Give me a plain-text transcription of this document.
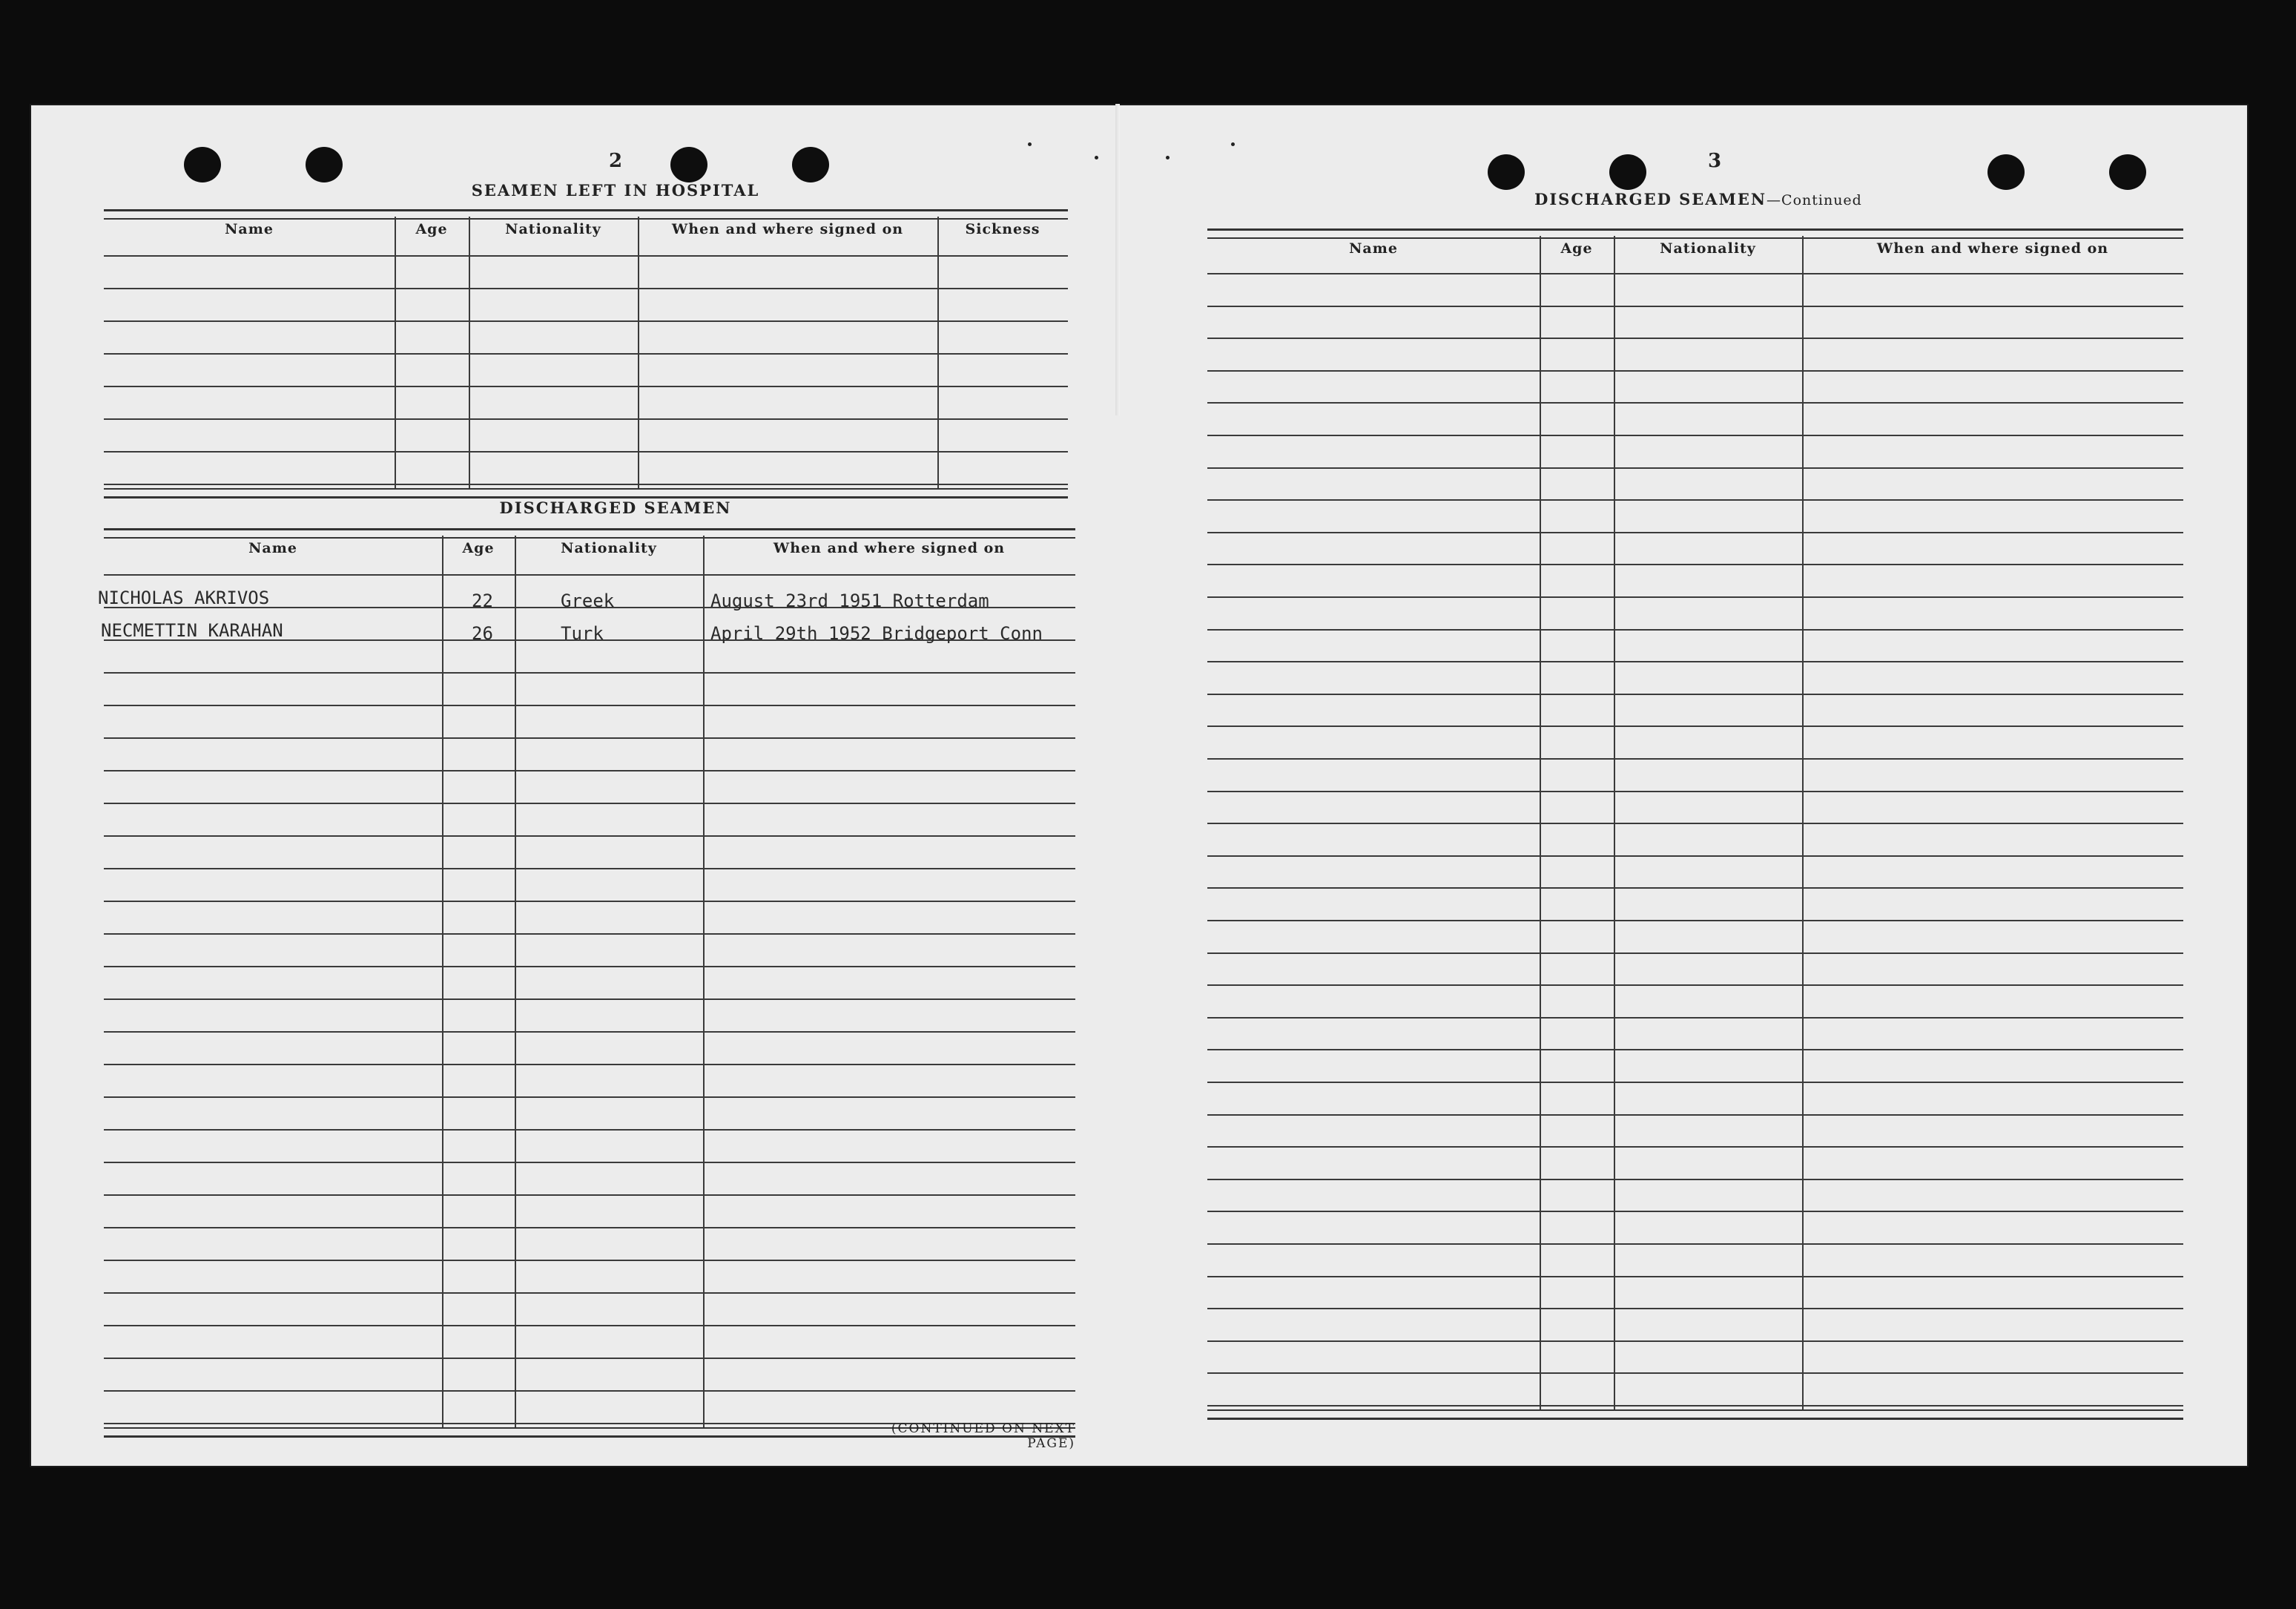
2
SEAMEN LEFT IN HOSPITAL
Name	Age	Nationality	When and where signed on	Sickness
DISCHARGED SEAMEN
Name	Age	Nationality	When and where signed on
NICHOLAS AKRIVOS	22	Greek	August 23rd 1951 Rotterdam
NECMETTIN KARAHAN	26	Turk	April 29th 1952 Bridgeport Conn
(CONTINUED ON NEXT PAGE)
3
DISCHARGED SEAMEN—Continued
Name	Age	Nationality	When and where signed on
